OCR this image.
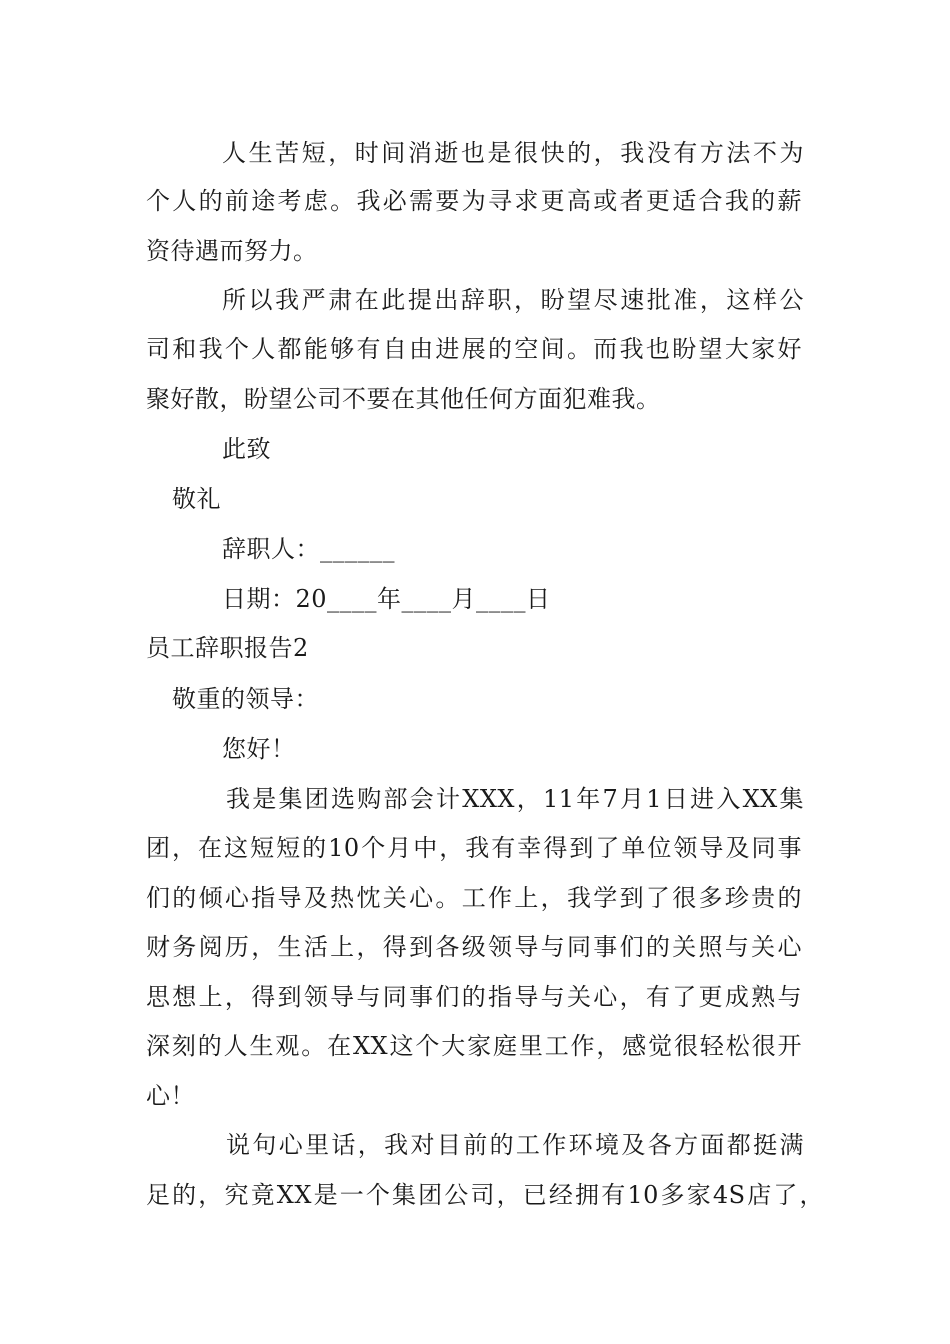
人生苦短，时间消逝也是很快的，我没有方法不为
个人的前途考虑。我必需要为寻求更高或者更适合我的薪
资待遇而努力。
所以我严肃在此提出辞职，盼望尽速批准，这样公
司和我个人都能够有自由进展的空间。而我也盼望大家好
聚好散，盼望公司不要在其他任何方面犯难我。
此致
敬礼
辞职人：______
日期：20____年____月____日
员工辞职报告2
敬重的领导：
您好！
我是集团选购部会计XXX，11年7月1日进入XX集
团，在这短短的10个月中，我有幸得到了单位领导及同事
们的倾心指导及热忱关心。工作上，我学到了很多珍贵的
财务阅历，生活上，得到各级领导与同事们的关照与关心
思想上，得到领导与同事们的指导与关心，有了更成熟与
深刻的人生观。在XX这个大家庭里工作，感觉很轻松很开
心！
说句心里话，我对目前的工作环境及各方面都挺满
足的，究竟XX是一个集团公司，已经拥有10多家4S店了，
